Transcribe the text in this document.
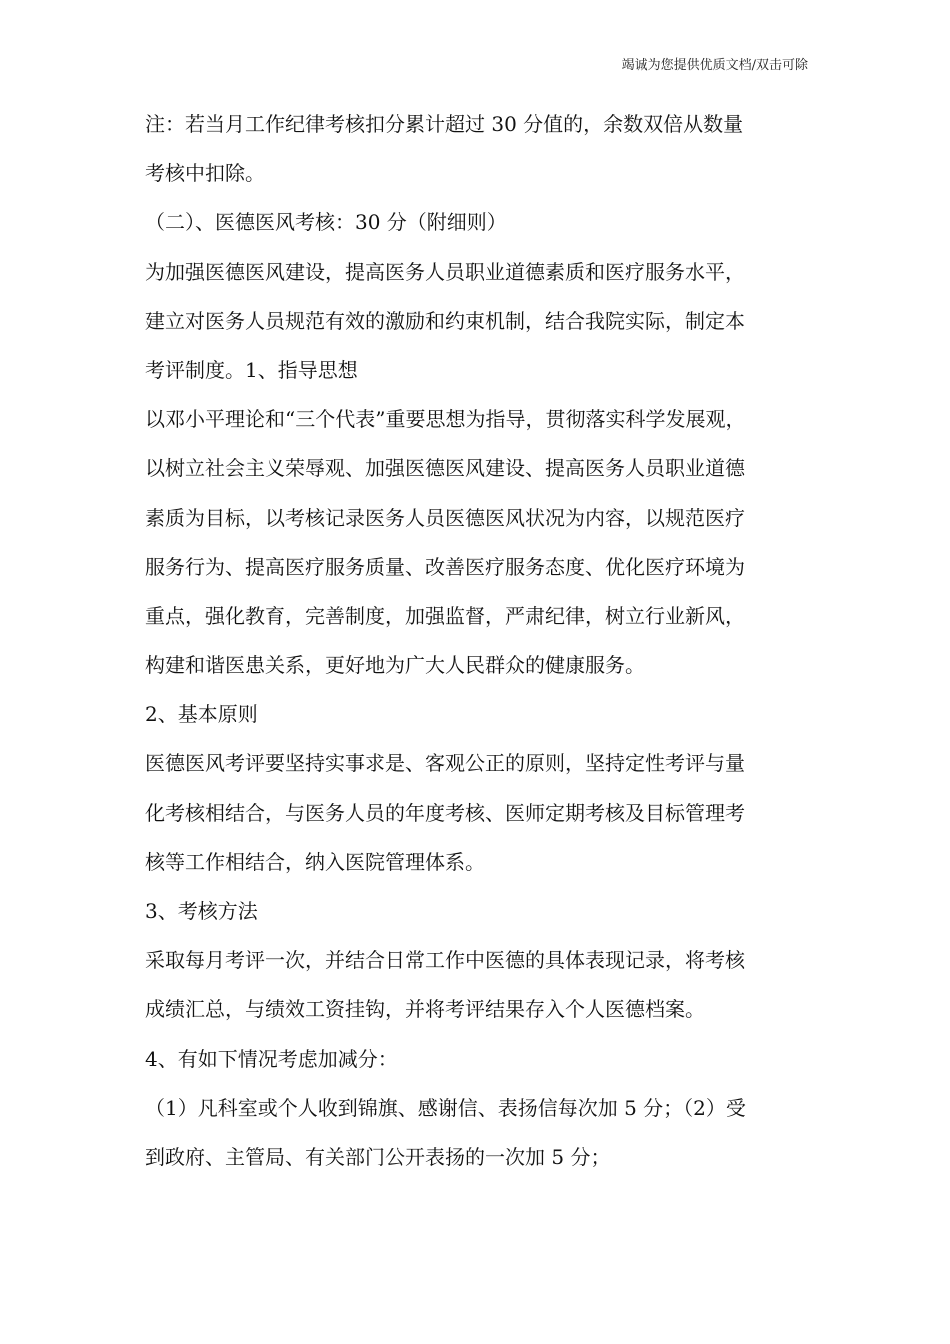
竭诚为您提供优质文档/双击可除
注：若当月工作纪律考核扣分累计超过 30 分值的，余数双倍从数量
考核中扣除。
（二）、医德医风考核：30 分（附细则）
为加强医德医风建设，提高医务人员职业道德素质和医疗服务水平，
建立对医务人员规范有效的激励和约束机制，结合我院实际，制定本
考评制度。1、指导思想
以邓小平理论和“三个代表”重要思想为指导，贯彻落实科学发展观，
以树立社会主义荣辱观、加强医德医风建设、提高医务人员职业道德
素质为目标，以考核记录医务人员医德医风状况为内容，以规范医疗
服务行为、提高医疗服务质量、改善医疗服务态度、优化医疗环境为
重点，强化教育，完善制度，加强监督，严肃纪律，树立行业新风，
构建和谐医患关系，更好地为广大人民群众的健康服务。
2、基本原则
医德医风考评要坚持实事求是、客观公正的原则，坚持定性考评与量
化考核相结合，与医务人员的年度考核、医师定期考核及目标管理考
核等工作相结合，纳入医院管理体系。
3、考核方法
采取每月考评一次，并结合日常工作中医德的具体表现记录，将考核
成绩汇总，与绩效工资挂钩，并将考评结果存入个人医德档案。
4、有如下情况考虑加减分：
（1）凡科室或个人收到锦旗、感谢信、表扬信每次加 5 分；（2）受
到政府、主管局、有关部门公开表扬的一次加 5 分；
